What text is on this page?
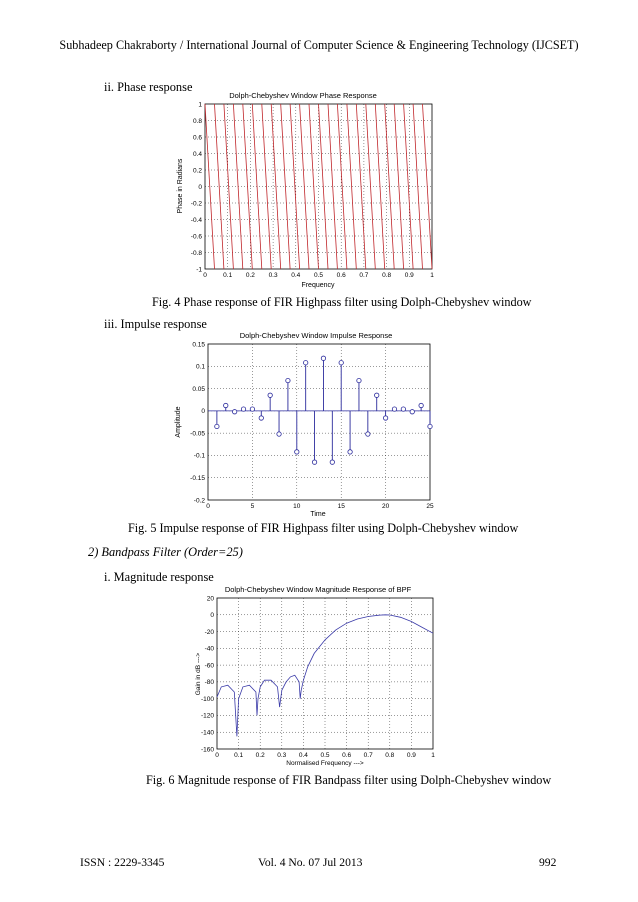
Subhadeep Chakraborty / International Journal of Computer Science & Engineering Technology (IJCSET)
ii. Phase response
Dolph-Chebyshev Window Phase Response
-1
-0.8
-0.6
-0.4
-0.2
0
0.2
0.4
0.6
0.8
1
0	0.1 0.2 0.3 0.4 0.5 0.6 0.7 0.8 0.9	1
Phase in Radians
Frequency
Fig. 4 Phase response of FIR Highpass filter using Dolph-Chebyshev window
iii. Impulse response
Dolph-Chebyshev Window Impulse Response
-0.2
-0.15
-0.1
-0.05
0
0.05
0.1
0.15
0	5	10	15	20	25
Amplitude
Time
Fig. 5 Impulse response of FIR Highpass filter using Dolph-Chebyshev window
2) Bandpass Filter (Order=25)
i. Magnitude response
Dolph-Chebyshev Window Magnitude Response of BPF
-160
-140
-120
-100
-80
-60
-40
-20
0
20
0 0.1 0.2 0.3 0.4 0.5 0.6 0.7 0.8 0.9 1
Gain in dB --->
Normalised Frequency --->
Fig. 6 Magnitude response of FIR Bandpass filter using Dolph-Chebyshev window
ISSN : 2229-3345	Vol. 4 No. 07 Jul 2013	992
